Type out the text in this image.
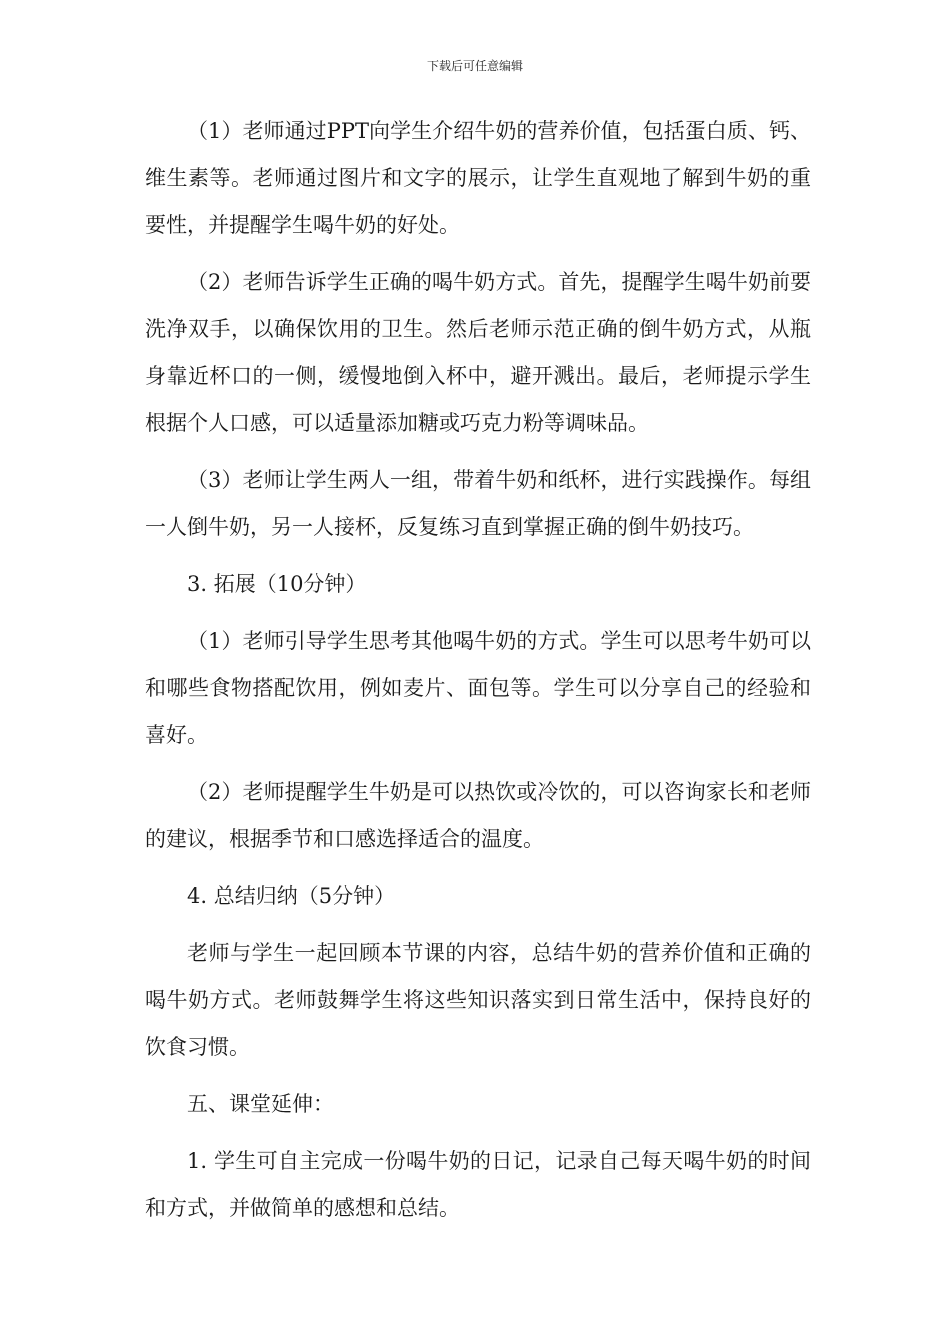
下载后可任意编辑

（1）老师通过PPT向学生介绍牛奶的营养价值，包括蛋白质、钙、维生素等。老师通过图片和文字的展示，让学生直观地了解到牛奶的重要性，并提醒学生喝牛奶的好处。

（2）老师告诉学生正确的喝牛奶方式。首先，提醒学生喝牛奶前要洗净双手，以确保饮用的卫生。然后老师示范正确的倒牛奶方式，从瓶身靠近杯口的一侧，缓慢地倒入杯中，避开溅出。最后，老师提示学生根据个人口感，可以适量添加糖或巧克力粉等调味品。

（3）老师让学生两人一组，带着牛奶和纸杯，进行实践操作。每组一人倒牛奶，另一人接杯，反复练习直到掌握正确的倒牛奶技巧。

3. 拓展（10分钟）

（1）老师引导学生思考其他喝牛奶的方式。学生可以思考牛奶可以和哪些食物搭配饮用，例如麦片、面包等。学生可以分享自己的经验和喜好。

（2）老师提醒学生牛奶是可以热饮或冷饮的，可以咨询家长和老师的建议，根据季节和口感选择适合的温度。

4. 总结归纳（5分钟）

老师与学生一起回顾本节课的内容，总结牛奶的营养价值和正确的喝牛奶方式。老师鼓舞学生将这些知识落实到日常生活中，保持良好的饮食习惯。

五、课堂延伸：

1. 学生可自主完成一份喝牛奶的日记，记录自己每天喝牛奶的时间和方式，并做简单的感想和总结。
